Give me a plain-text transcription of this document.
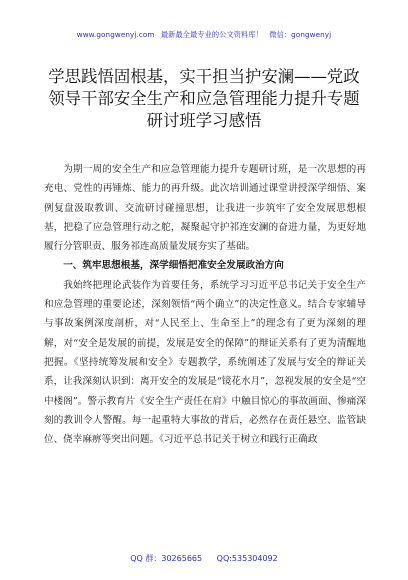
www.gongwenyj.com 最新最全最专业的公文资料库！ 微信：gongwenyj
学思践悟固根基，实干担当护安澜——党政领导干部安全生产和应急管理能力提升专题研讨班学习感悟

为期一周的安全生产和应急管理能力提升专题研讨班，是一次思想的再充电、党性的再锤炼、能力的再升级。此次培训通过课堂讲授深学细悟、案例复盘汲取教训、交流研讨碰撞思想，让我进一步筑牢了安全发展思想根基，把稳了应急管理行动之舵，凝聚起守护祁连安澜的奋进力量，为更好地履行分管职责、服务祁连高质量发展夯实了基础。

一、筑牢思想根基，深学细悟把准安全发展政治方向

我始终把理论武装作为首要任务，系统学习习近平总书记关于安全生产和应急管理的重要论述，深刻领悟“两个确立”的决定性意义。结合专家辅导与事故案例深度剖析，对“人民至上、生命至上”的理念有了更为深刻的理解，对“安全是发展的前提，发展是安全的保障”的辩证关系有了更为清醒地把握。《坚持统筹发展和安全》专题教学，系统阐述了发展与安全的辩证关系，让我深刻认识到：离开安全的发展是“镜花水月”，忽视发展的安全是“空中楼阁”。警示教育片《安全生产责任在肩》中触目惊心的事故画面、惨痛深刻的教训令人警醒。每一起重特大事故的背后，必然存在责任悬空、监管缺位、侥幸麻痹等突出问题。《习近平总书记关于树立和践行正确政

QQ 群：30265665 QQ:535304092
